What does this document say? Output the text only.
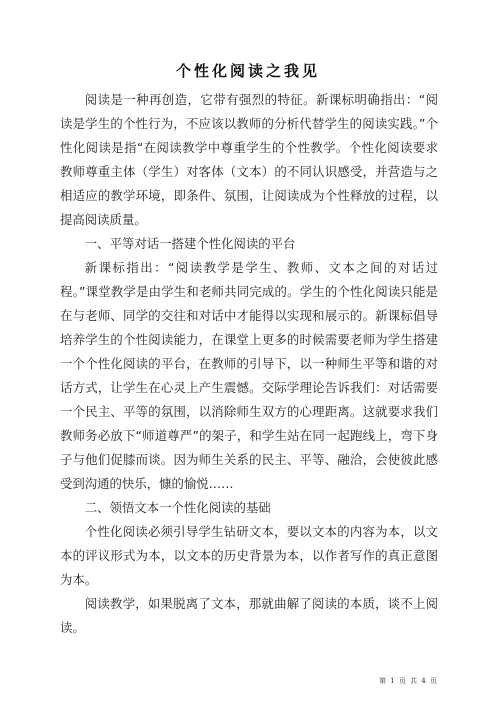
个性化阅读之我见

阅读是一种再创造，它带有强烈的特征。新课标明确指出：“阅读是学生的个性行为，不应该以教师的分析代替学生的阅读实践。”个性化阅读是指“在阅读教学中尊重学生的个性教学。个性化阅读要求教师尊重主体（学生）对客体（文本）的不同认识感受，并营造与之相适应的教学环境，即条件、氛围，让阅读成为个性释放的过程，以提高阅读质量。

一、平等对话一搭建个性化阅读的平台

新课标指出：“阅读教学是学生、教师、文本之间的对话过程。”课堂教学是由学生和老师共同完成的。学生的个性化阅读只能是在与老师、同学的交往和对话中才能得以实现和展示的。新课标倡导培养学生的个性阅读能力，在课堂上更多的时候需要老师为学生搭建一个个性化阅读的平台，在教师的引导下，以一种师生平等和谐的对话方式，让学生在心灵上产生震憾。交际学理论告诉我们：对话需要一个民主、平等的氛围，以消除师生双方的心理距离。这就要求我们教师务必放下“师道尊严”的架子，和学生站在同一起跑线上，弯下身子与他们促膝而谈。因为师生关系的民主、平等、融洽，会使彼此感受到沟通的快乐，慷的愉悦……

二、领悟文本一个性化阅读的基础

个性化阅读必须引导学生钻研文本，要以文本的内容为本，以文本的评议形式为本，以文本的历史背景为本，以作者写作的真正意图为本。

阅读教学，如果脱离了文本，那就曲解了阅读的本质，谈不上阅读。

第 1 页 共 4 页
